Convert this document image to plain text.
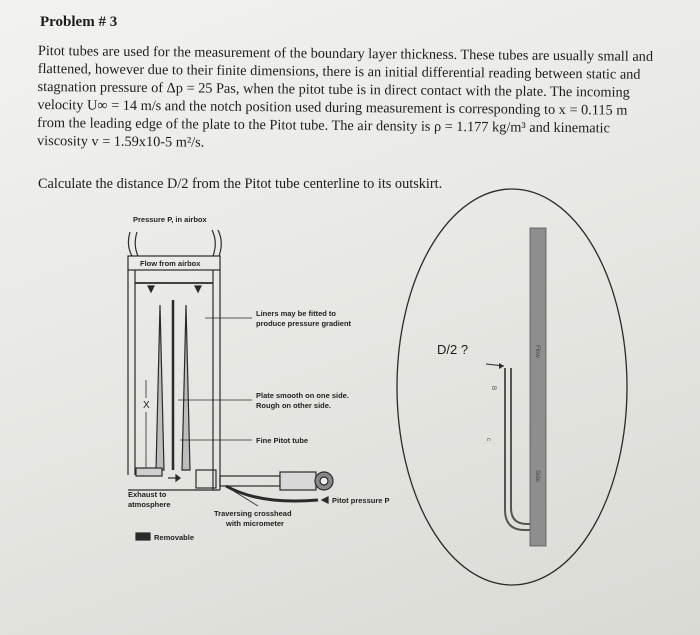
Problem # 3

Pitot tubes are used for the measurement of the boundary layer thickness. These tubes are usually small and

flattened, however due to their finite dimensions, there is an initial differential reading between static and

stagnation pressure of Δp = 25 Pas, when the pitot tube is in direct contact with the plate. The incoming

velocity U∞ = 14 m/s and the notch position used during measurement is corresponding to x = 0.115 m

from the leading edge of the plate to the Pitot tube. The air density is ρ = 1.177 kg/m³ and kinematic

viscosity v = 1.59x10-5 m²/s.

Calculate the distance D/2 from the Pitot tube centerline to its outskirt.
Pressure P, in airbox
Flow from airbox
X
Liners may be fitted to
produce pressure gradient
Plate smooth on one side.
Rough on other side.
Fine Pitot tube
Exhaust to
atmosphere	Pitot pressure P
Traversing crosshead
with micrometer
Removable
Flow
Side
D/2 ?
B
c
